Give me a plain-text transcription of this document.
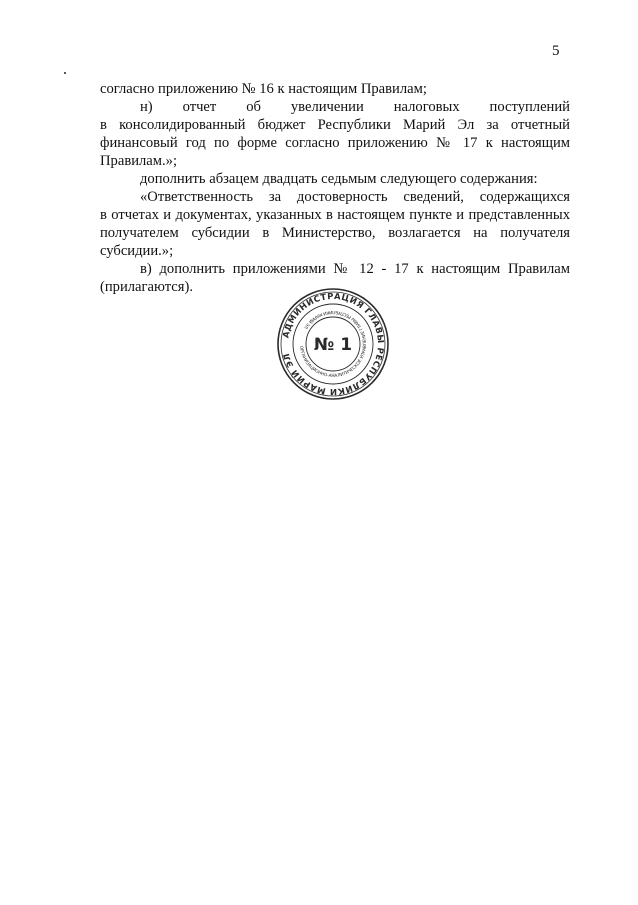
5
согласно приложению № 16 к настоящим Правилам;
н) отчет об увеличении налоговых поступлений
в консолидированный бюджет Республики Марий Эл за отчетный
финансовый год по форме согласно приложению № 17 к настоящим
Правилам.»;
дополнить абзацем двадцать седьмым следующего содержания:
«Ответственность за достоверность сведений, содержащихся
в отчетах и документах, указанных в настоящем пункте и представленных
получателем субсидии в Министерство, возлагается на получателя
субсидии.»;
в) дополнить приложениями № 12 - 17 к настоящим Правилам
(прилагаются).
АДМИНИСТРАЦИЯ ГЛАВЫ РЕСПУБЛИКИ МАРИЙ ЭЛ
ОРГАНИЗАЦИОННО-АНАЛИТИЧЕСКОЕ УПРАВЛЕНИЕ ГЛАВЫ РЕСПУБЛИКИ МАРИЙ ЭЛ
№ 1
